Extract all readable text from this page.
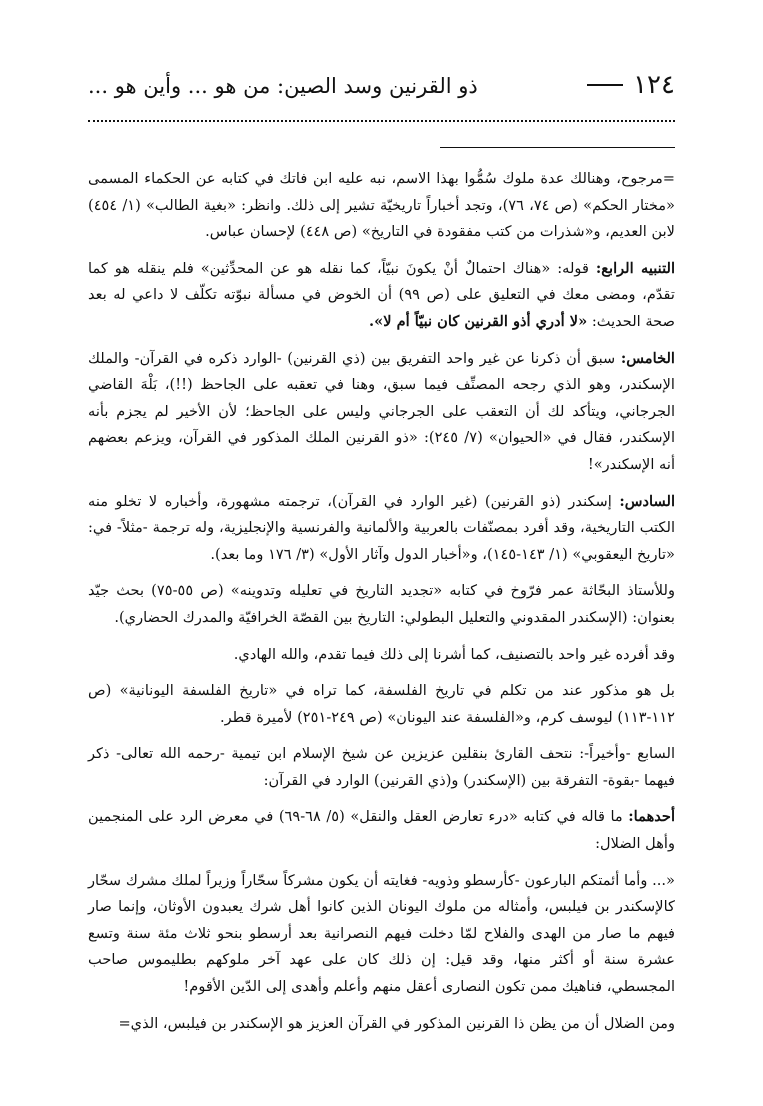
١٢٤
ذو القرنين وسد الصين: من هو ... وأين هو ...

=مرجوح، وهنالك عدة ملوك سُمُّوا بهذا الاسم، نبه عليه ابن فاتك في كتابه عن الحكماء المسمى «مختار الحكم» (ص ٧٤، ٧٦)، وتجد أخباراً تاريخيّة تشير إلى ذلك. وانظر: «بغية الطالب» (١/ ٤٥٤) لابن العديم، و«شذرات من كتب مفقودة في التاريخ» (ص ٤٤٨) لإحسان عباس.

التنبيه الرابع: قوله: «هناك احتمالٌ أنْ يكونَ نبيّاً، كما نقله هو عن المحدِّثين» فلم ينقله هو كما تقدّم، ومضى معك في التعليق على (ص ٩٩) أن الخوض في مسألة نبوّته تكلّف لا داعي له بعد صحة الحديث: «لا أدري أذو القرنين كان نبيّاً أم لا».

الخامس: سبق أن ذكرنا عن غير واحد التفريق بين (ذي القرنين) -الوارد ذكره في القرآن- والملك الإسكندر، وهو الذي رجحه المصنِّف فيما سبق، وهنا في تعقبه على الجاحظ (!!)، بَلْهَ القاضي الجرجاني، ويتأكد لك أن التعقب على الجرجاني وليس على الجاحظ؛ لأن الأخير لم يجزم بأنه الإسكندر، فقال في «الحيوان» (٧/ ٢٤٥): «ذو القرنين الملك المذكور في القرآن، ويزعم بعضهم أنه الإسكندر»!

السادس: إسكندر (ذو القرنين) (غير الوارد في القرآن)، ترجمته مشهورة، وأخباره لا تخلو منه الكتب التاريخية، وقد أفرد بمصنّفات بالعربية والألمانية والفرنسية والإنجليزية، وله ترجمة -مثلاً- في: «تاريخ اليعقوبي» (١/ ١٤٣-١٤٥)، و«أخبار الدول وآثار الأول» (٣/ ١٧٦ وما بعد).

وللأستاذ البحّاثة عمر فرّوخ في كتابه «تجديد التاريخ في تعليله وتدوينه» (ص ٥٥-٧٥) بحث جيّد بعنوان: (الإسكندر المقدوني والتعليل البطولي: التاريخ بين القصّة الخرافيّة والمدرك الحضاري).

وقد أفرده غير واحد بالتصنيف، كما أشرنا إلى ذلك فيما تقدم، والله الهادي.

بل هو مذكور عند من تكلم في تاريخ الفلسفة، كما تراه في «تاريخ الفلسفة اليونانية» (ص ١١٢-١١٣) ليوسف كرم، و«الفلسفة عند اليونان» (ص ٢٤٩-٢٥١) لأميرة قطر.

السابع -وأخيراً-: نتحف القارئ بنقلين عزيزين عن شيخ الإسلام ابن تيمية -رحمه الله تعالى- ذكر فيهما -بقوة- التفرقة بين (الإسكندر) و(ذي القرنين) الوارد في القرآن:

أحدهما: ما قاله في كتابه «درء تعارض العقل والنقل» (٥/ ٦٨-٦٩) في معرض الرد على المنجمين وأهل الضلال:

«... وأما أئمتكم البارعون -كأرسطو وذويه- فغايته أن يكون مشركاً سحّاراً وزيراً لملك مشرك سحّار كالإسكندر بن فيلبس، وأمثاله من ملوك اليونان الذين كانوا أهل شرك يعبدون الأوثان، وإنما صار فيهم ما صار من الهدى والفلاح لمّا دخلت فيهم النصرانية بعد أرسطو بنحو ثلاث مئة سنة وتسع عشرة سنة أو أكثر منها، وقد قيل: إن ذلك كان على عهد آخر ملوكهم بطليموس صاحب المجسطي، فناهيك ممن تكون النصارى أعقل منهم وأعلم وأهدى إلى الدّين الأقوم!

ومن الضلال أن من يظن ذا القرنين المذكور في القرآن العزيز هو الإسكندر بن فيلبس، الذي=
